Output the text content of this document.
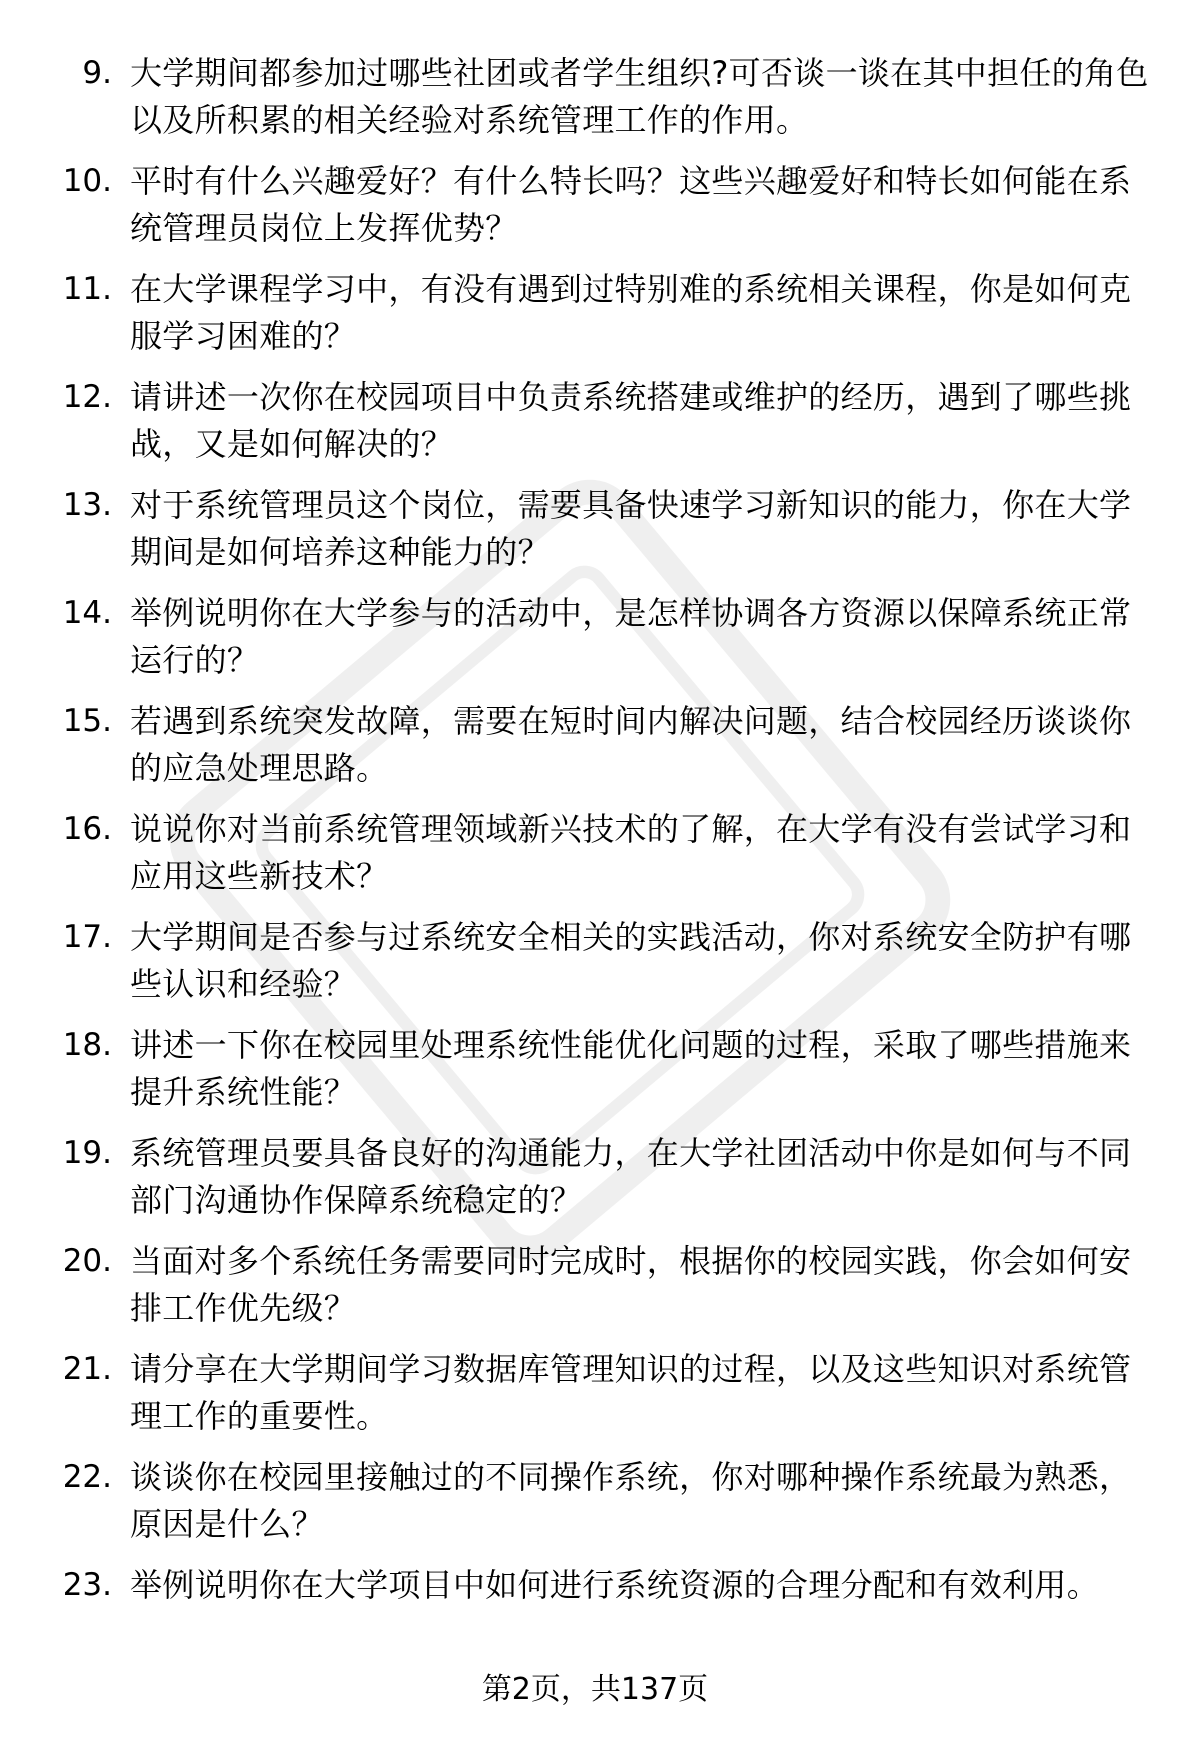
9. 大学期间都参加过哪些社团或者学生组织?可否谈一谈在其中担任的角色以及所积累的相关经验对系统管理工作的作用。
10. 平时有什么兴趣爱好？有什么特长吗？这些兴趣爱好和特长如何能在系统管理员岗位上发挥优势？
11. 在大学课程学习中，有没有遇到过特别难的系统相关课程，你是如何克服学习困难的？
12. 请讲述一次你在校园项目中负责系统搭建或维护的经历，遇到了哪些挑战，又是如何解决的？
13. 对于系统管理员这个岗位，需要具备快速学习新知识的能力，你在大学期间是如何培养这种能力的？
14. 举例说明你在大学参与的活动中，是怎样协调各方资源以保障系统正常运行的？
15. 若遇到系统突发故障，需要在短时间内解决问题，结合校园经历谈谈你的应急处理思路。
16. 说说你对当前系统管理领域新兴技术的了解，在大学有没有尝试学习和应用这些新技术？
17. 大学期间是否参与过系统安全相关的实践活动，你对系统安全防护有哪些认识和经验？
18. 讲述一下你在校园里处理系统性能优化问题的过程，采取了哪些措施来提升系统性能？
19. 系统管理员要具备良好的沟通能力，在大学社团活动中你是如何与不同部门沟通协作保障系统稳定的？
20. 当面对多个系统任务需要同时完成时，根据你的校园实践，你会如何安排工作优先级？
21. 请分享在大学期间学习数据库管理知识的过程，以及这些知识对系统管理工作的重要性。
22. 谈谈你在校园里接触过的不同操作系统，你对哪种操作系统最为熟悉，原因是什么？
23. 举例说明你在大学项目中如何进行系统资源的合理分配和有效利用。
第2页，共137页
